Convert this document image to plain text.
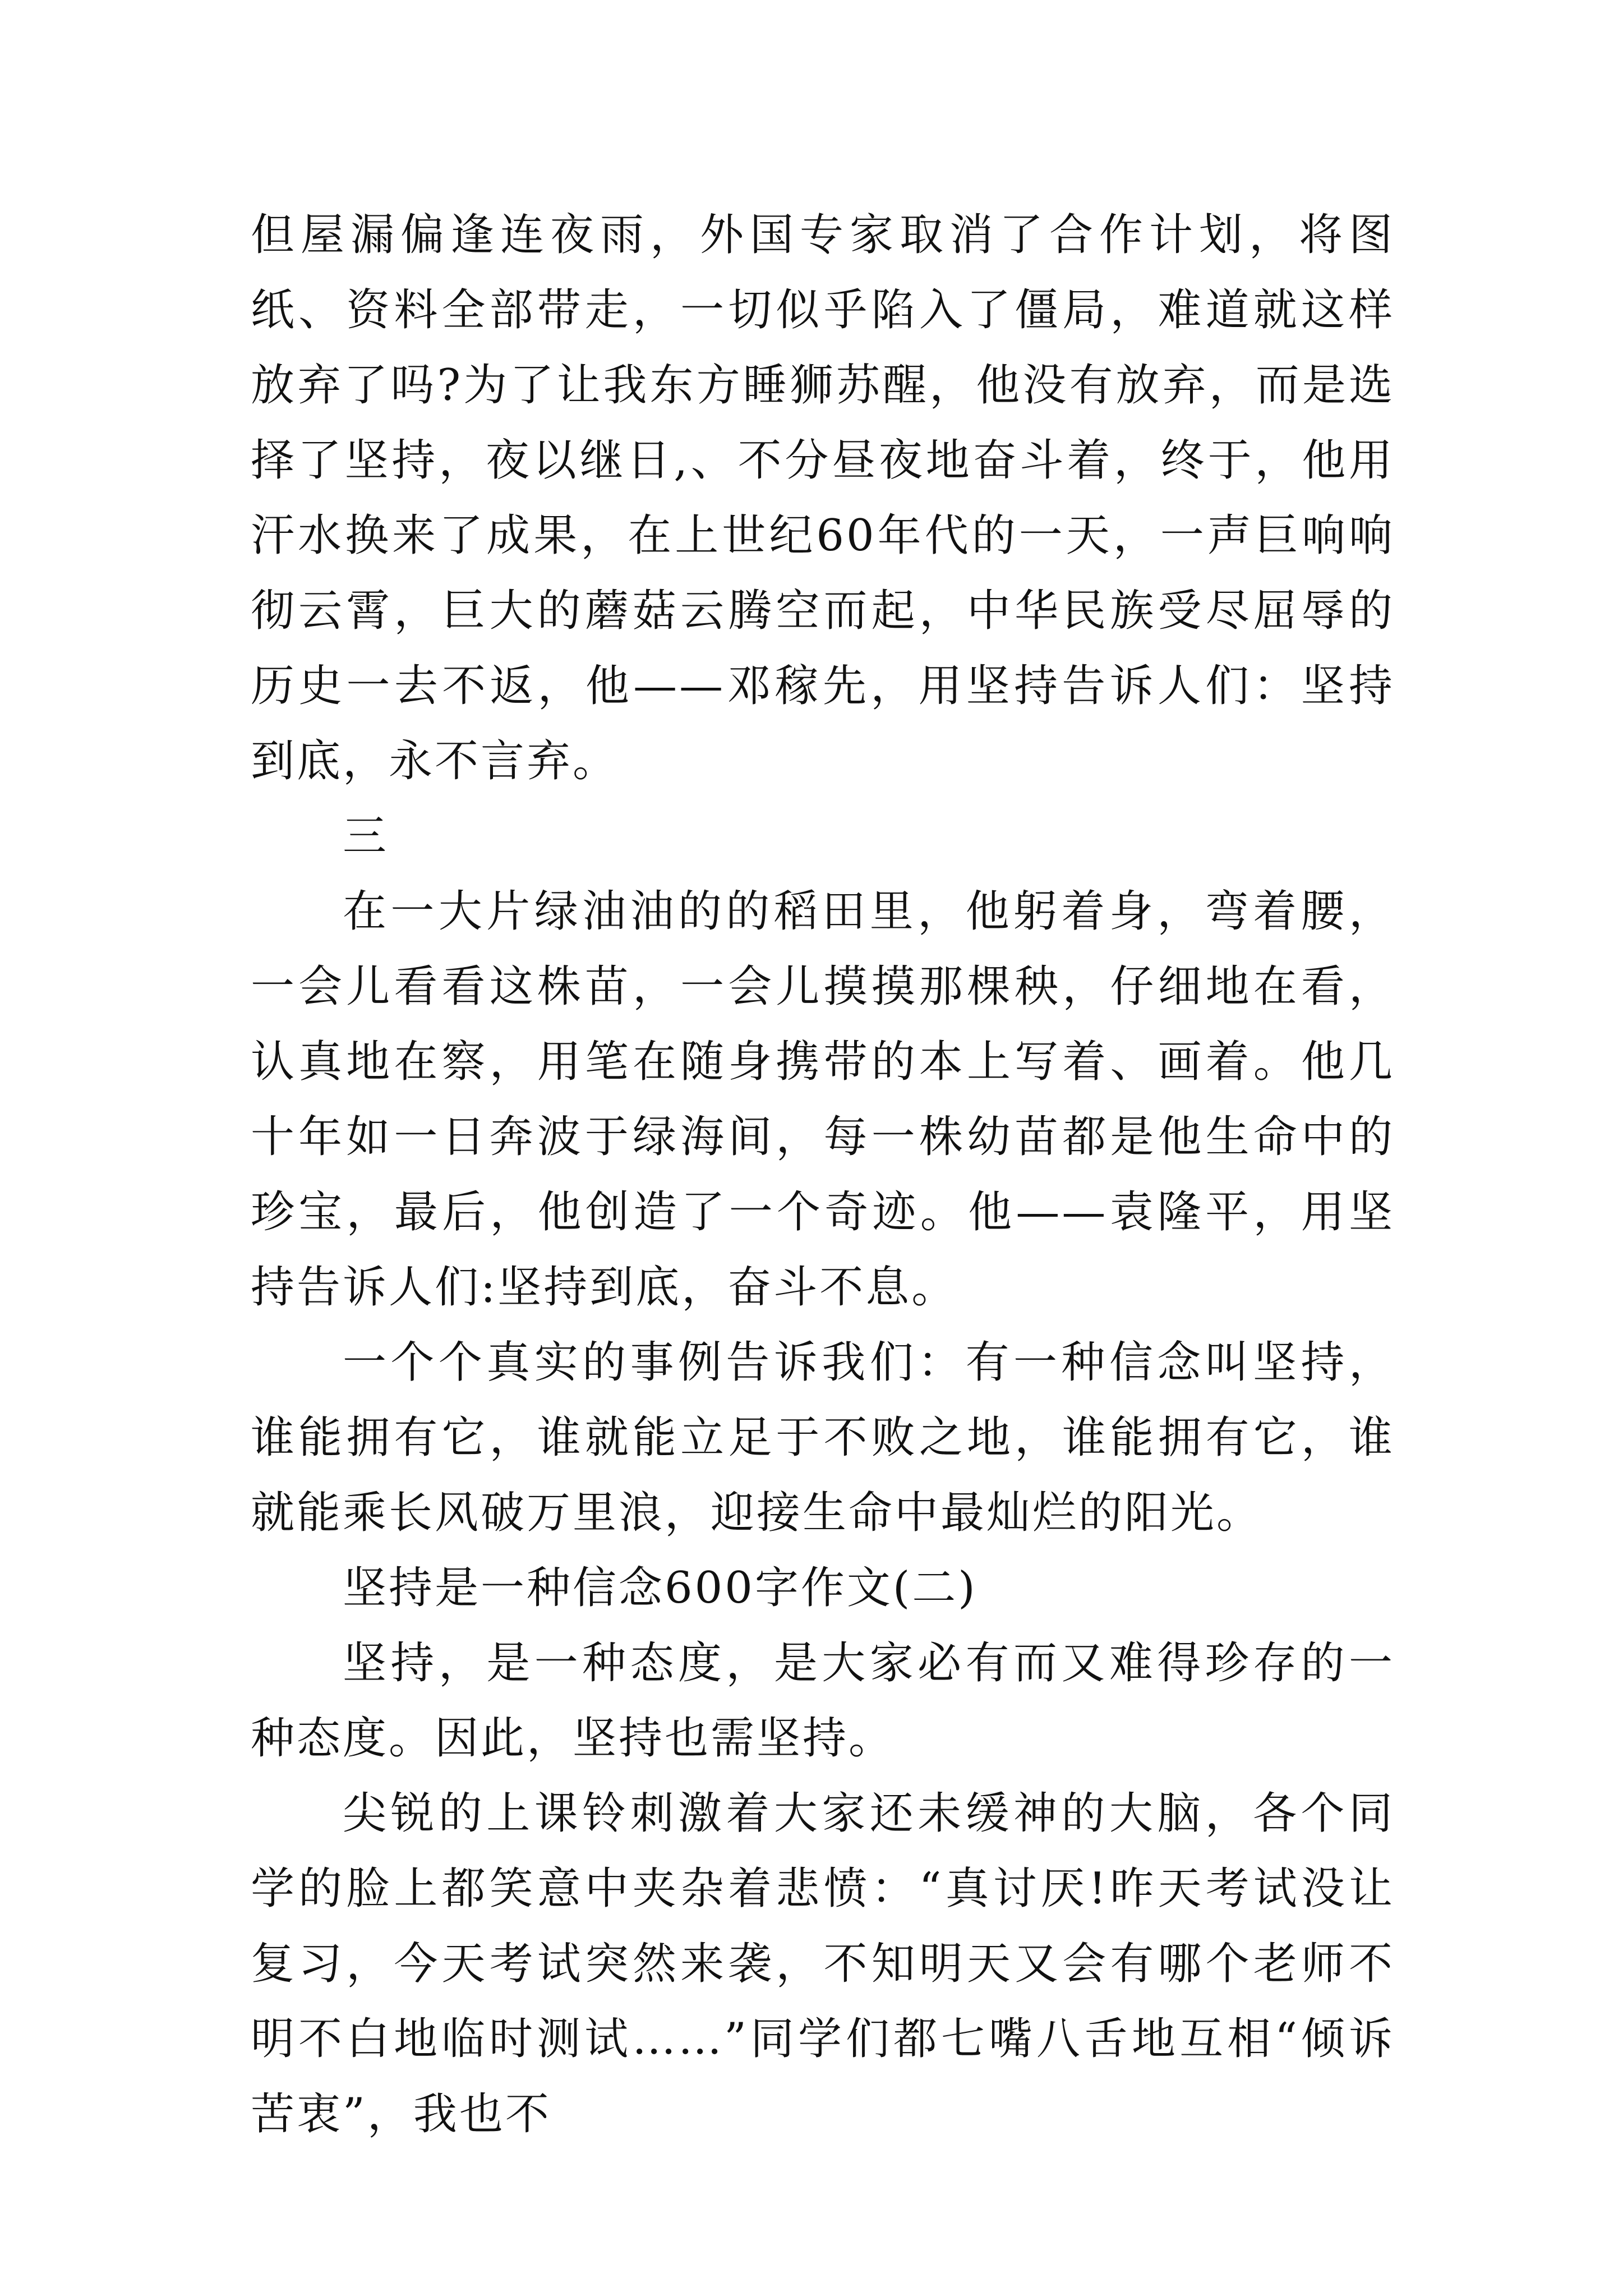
但屋漏偏逢连夜雨，外国专家取消了合作计划，将图纸、资料全部带走，一切似乎陷入了僵局，难道就这样放弃了吗?为了让我东方睡狮苏醒，他没有放弃，而是选择了坚持，夜以继日,、不分昼夜地奋斗着，终于，他用汗水换来了成果，在上世纪60年代的一天，一声巨响响彻云霄，巨大的蘑菇云腾空而起，中华民族受尽屈辱的历史一去不返，他——邓稼先，用坚持告诉人们：坚持到底，永不言弃。

三

在一大片绿油油的的稻田里，他躬着身，弯着腰，一会儿看看这株苗，一会儿摸摸那棵秧，仔细地在看，认真地在察，用笔在随身携带的本上写着、画着。他几十年如一日奔波于绿海间，每一株幼苗都是他生命中的珍宝，最后，他创造了一个奇迹。他——袁隆平，用坚持告诉人们:坚持到底，奋斗不息。

一个个真实的事例告诉我们：有一种信念叫坚持，谁能拥有它，谁就能立足于不败之地，谁能拥有它，谁就能乘长风破万里浪，迎接生命中最灿烂的阳光。

坚持是一种信念600字作文(二)

坚持，是一种态度，是大家必有而又难得珍存的一种态度。因此，坚持也需坚持。

尖锐的上课铃刺激着大家还未缓神的大脑，各个同学的脸上都笑意中夹杂着悲愤：“真讨厌!昨天考试没让复习，今天考试突然来袭，不知明天又会有哪个老师不明不白地临时测试……”同学们都七嘴八舌地互相“倾诉苦衷”，我也不
